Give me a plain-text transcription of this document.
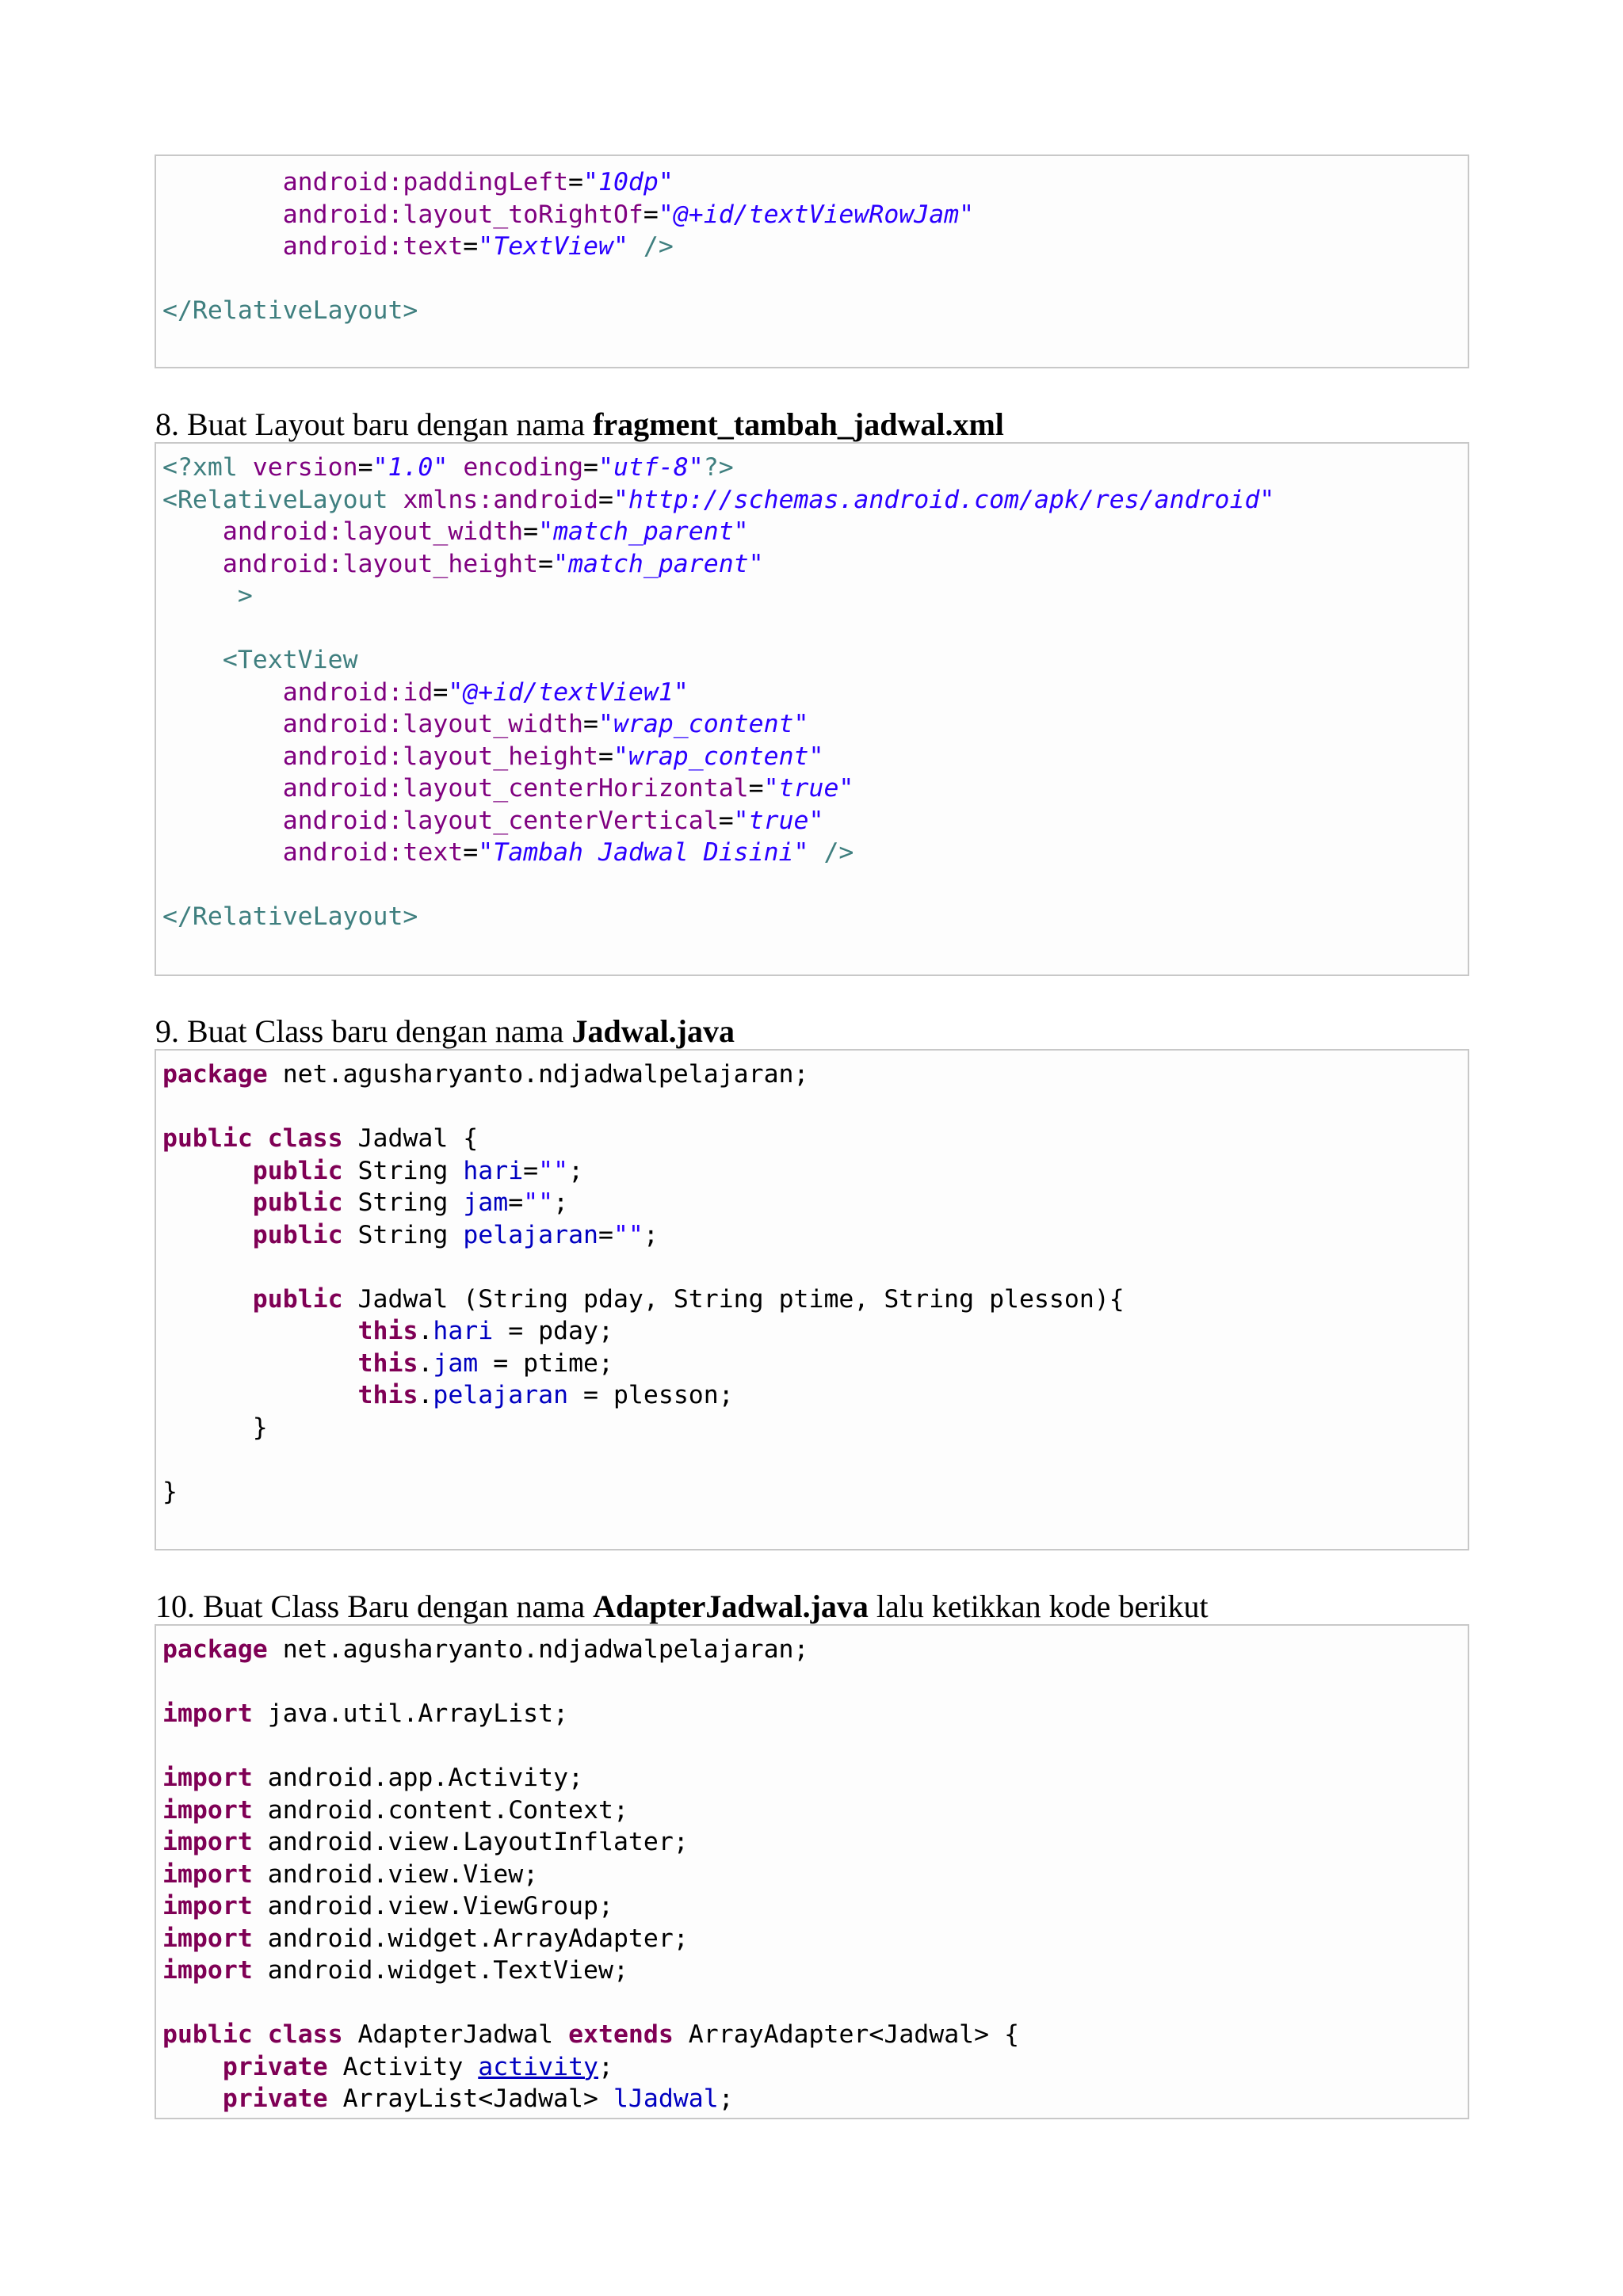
android:paddingLeft="10dp"
android:layout_toRightOf="@+id/textViewRowJam"
android:text="TextView" />
</RelativeLayout>
8. Buat Layout baru dengan nama fragment_tambah_jadwal.xml
<?xml version="1.0" encoding="utf-8"?>
<RelativeLayout xmlns:android="http://schemas.android.com/apk/res/android"
android:layout_width="match_parent"
android:layout_height="match_parent"
>
<TextView
android:id="@+id/textView1"
android:layout_width="wrap_content"
android:layout_height="wrap_content"
android:layout_centerHorizontal="true"
android:layout_centerVertical="true"
android:text="Tambah Jadwal Disini" />
</RelativeLayout>
9. Buat Class baru dengan nama Jadwal.java
package net.agusharyanto.ndjadwalpelajaran;
public class Jadwal {
public String hari="";
public String jam="";
public String pelajaran="";
public Jadwal (String pday, String ptime, String plesson){
this.hari = pday;
this.jam = ptime;
this.pelajaran = plesson;
}
}
10. Buat Class Baru dengan nama AdapterJadwal.java lalu ketikkan kode berikut
package net.agusharyanto.ndjadwalpelajaran;
import java.util.ArrayList;
import android.app.Activity;
import android.content.Context;
import android.view.LayoutInflater;
import android.view.View;
import android.view.ViewGroup;
import android.widget.ArrayAdapter;
import android.widget.TextView;
public class AdapterJadwal extends ArrayAdapter<Jadwal> {
private Activity activity;
private ArrayList<Jadwal> lJadwal;
